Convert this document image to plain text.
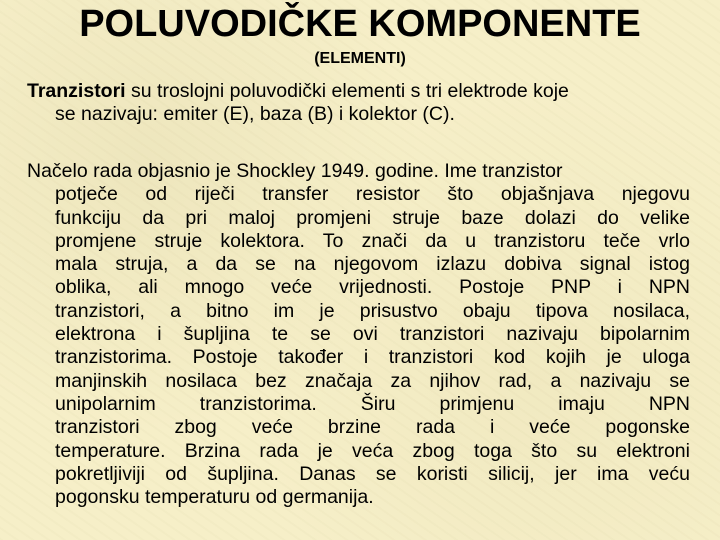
POLUVODIČKE KOMPONENTE
(ELEMENTI)
Tranzistori su troslojni poluvodički elementi s tri elektrode koje
se nazivaju: emiter (E), baza (B) i kolektor (C).
Načelo rada objasnio je Shockley 1949. godine. Ime tranzistor
potječe od riječi transfer resistor što objašnjava njegovu
funkciju da pri maloj promjeni struje baze dolazi do velike
promjene struje kolektora. To znači da u tranzistoru teče vrlo
mala struja, a da se na njegovom izlazu dobiva signal istog
oblika, ali mnogo veće vrijednosti. Postoje PNP i NPN
tranzistori, a bitno im je prisustvo obaju tipova nosilaca,
elektrona i šupljina te se ovi tranzistori nazivaju bipolarnim
tranzistorima. Postoje također i tranzistori kod kojih je uloga
manjinskih nosilaca bez značaja za njihov rad, a nazivaju se
unipolarnim tranzistorima. Širu primjenu imaju NPN
tranzistori zbog veće brzine rada i veće pogonske
temperature. Brzina rada je veća zbog toga što su elektroni
pokretljiviji od šupljina. Danas se koristi silicij, jer ima veću
pogonsku temperaturu od germanija.
